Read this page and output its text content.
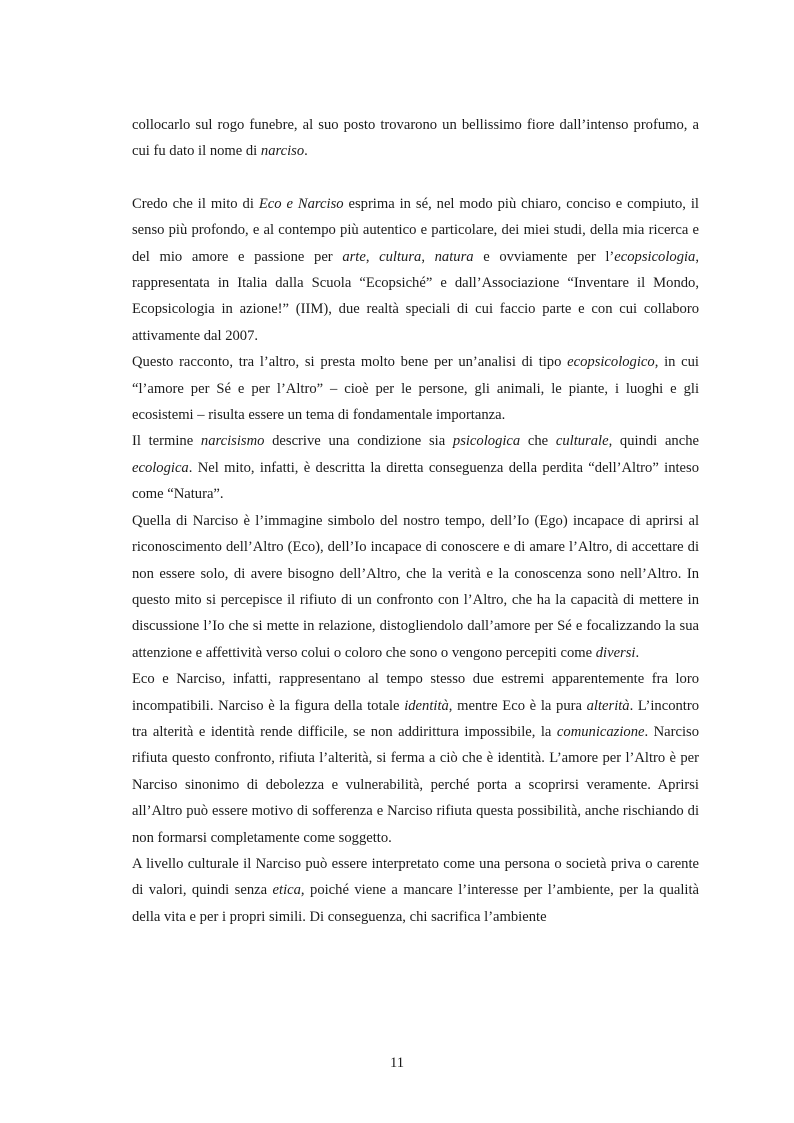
collocarlo sul rogo funebre, al suo posto trovarono un bellissimo fiore dall’intenso profumo, a cui fu dato il nome di narciso.

Credo che il mito di Eco e Narciso esprima in sé, nel modo più chiaro, conciso e compiuto, il senso più profondo, e al contempo più autentico e particolare, dei miei studi, della mia ricerca e del mio amore e passione per arte, cultura, natura e ovviamente per l’ecopsicologia, rappresentata in Italia dalla Scuola “Ecopsiché” e dall’Associazione “Inventare il Mondo, Ecopsicologia in azione!” (IIM), due realtà speciali di cui faccio parte e con cui collaboro attivamente dal 2007.

Questo racconto, tra l’altro, si presta molto bene per un’analisi di tipo ecopsicologico, in cui “l’amore per Sé e per l’Altro” – cioè per le persone, gli animali, le piante, i luoghi e gli ecosistemi – risulta essere un tema di fondamentale importanza.

Il termine narcisismo descrive una condizione sia psicologica che culturale, quindi anche ecologica. Nel mito, infatti, è descritta la diretta conseguenza della perdita “dell’Altro” inteso come “Natura”.

Quella di Narciso è l’immagine simbolo del nostro tempo, dell’Io (Ego) incapace di aprirsi al riconoscimento dell’Altro (Eco), dell’Io incapace di conoscere e di amare l’Altro, di accettare di non essere solo, di avere bisogno dell’Altro, che la verità e la conoscenza sono nell’Altro. In questo mito si percepisce il rifiuto di un confronto con l’Altro, che ha la capacità di mettere in discussione l’Io che si mette in relazione, distogliendolo dall’amore per Sé e focalizzando la sua attenzione e affettività verso colui o coloro che sono o vengono percepiti come diversi.

Eco e Narciso, infatti, rappresentano al tempo stesso due estremi apparentemente fra loro incompatibili. Narciso è la figura della totale identità, mentre Eco è la pura alterità. L’incontro tra alterità e identità rende difficile, se non addirittura impossibile, la comunicazione. Narciso rifiuta questo confronto, rifiuta l’alterità, si ferma a ciò che è identità. L’amore per l’Altro è per Narciso sinonimo di debolezza e vulnerabilità, perché porta a scoprirsi veramente. Aprirsi all’Altro può essere motivo di sofferenza e Narciso rifiuta questa possibilità, anche rischiando di non formarsi completamente come soggetto.

A livello culturale il Narciso può essere interpretato come una persona o società priva o carente di valori, quindi senza etica, poiché viene a mancare l’interesse per l’ambiente, per la qualità della vita e per i propri simili. Di conseguenza, chi sacrifica l’ambiente

11
